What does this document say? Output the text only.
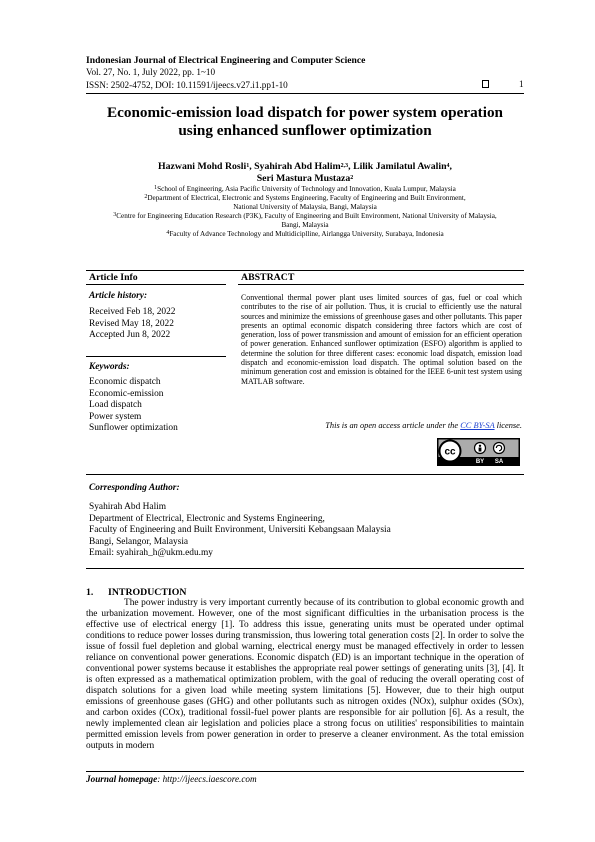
Indonesian Journal of Electrical Engineering and Computer Science
Vol. 27, No. 1, July 2022, pp. 1~10
ISSN: 2502-4752, DOI: 10.11591/ijeecs.v27.i1.pp1-10	1
Economic-emission load dispatch for power system operation
using enhanced sunflower optimization
Hazwani Mohd Rosli$^1$, Syahirah Abd Halim$^{2,3}$, Lilik Jamilatul Awalin$^4$,
Seri Mastura Mustaza$^2$
$^1$School of Engineering, Asia Pacific University of Technology and Innovation, Kuala Lumpur, Malaysia
$^2$Department of Electrical, Electronic and Systems Engineering, Faculty of Engineering and Built Environment,
National University of Malaysia, Bangi, Malaysia
$^3$Centre for Engineering Education Research (P3K), Faculty of Engineering and Built Environment, National University of Malaysia,
Bangi, Malaysia
$^4$Faculty of Advance Technology and Multidiciplline, Airlangga University, Surabaya, Indonesia
Article Info
Article history:
Received Feb 18, 2022
Revised May 18, 2022
Accepted Jun 8, 2022
Keywords:
Economic dispatch
Economic-emission
Load dispatch
Power system
Sunflower optimization
ABSTRACT
Conventional thermal power plant uses limited sources of gas, fuel or coal which contributes to the rise of air pollution. Thus, it is crucial to efficiently use the natural sources and minimize the emissions of greenhouse gases and other pollutants. This paper presents an optimal economic dispatch considering three factors which are cost of generation, loss of power transmission and amount of emission for an efficient operation of power generation. Enhanced sunflower optimization (ESFO) algorithm is applied to determine the solution for three different cases: economic load dispatch, emission load dispatch and economic-emission load dispatch. The optimal solution based on the minimum generation cost and emission is obtained for the IEEE 6-unit test system using MATLAB software.
This is an open access article under the CC BY-SA license.
cc
BY SA
Corresponding Author:
Syahirah Abd Halim
Department of Electrical, Electronic and Systems Engineering,
Faculty of Engineering and Built Environment, Universiti Kebangsaan Malaysia
Bangi, Selangor, Malaysia
Email: syahirah_h@ukm.edu.my
1.      INTRODUCTION

The power industry is very important currently because of its contribution to global economic growth and the urbanization movement. However, one of the most significant difficulties in the urbanisation process is the effective use of electrical energy [1]. To address this issue, generating units must be operated under optimal conditions to reduce power losses during transmission, thus lowering total generation costs [2]. In order to solve the issue of fossil fuel depletion and global warning, electrical energy must be managed effectively in order to lessen reliance on conventional power generations. Economic dispatch (ED) is an important technique in the operation of conventional power systems because it establishes the appropriate real power settings of generating units [3], [4]. It is often expressed as a mathematical optimization problem, with the goal of reducing the overall operating cost of dispatch solutions for a given load while meeting system limitations [5]. However, due to their high output emissions of greenhouse gases (GHG) and other pollutants such as nitrogen oxides (NOx), sulphur oxides (SOx), and carbon oxides (COx), traditional fossil-fuel power plants are responsible for air pollution [6]. As a result, the newly implemented clean air legislation and policies place a strong focus on utilities' responsibilities to maintain permitted emission levels from power generation in order to preserve a cleaner environment. As the total emission outputs in modern

Journal homepage: http://ijeecs.iaescore.com
